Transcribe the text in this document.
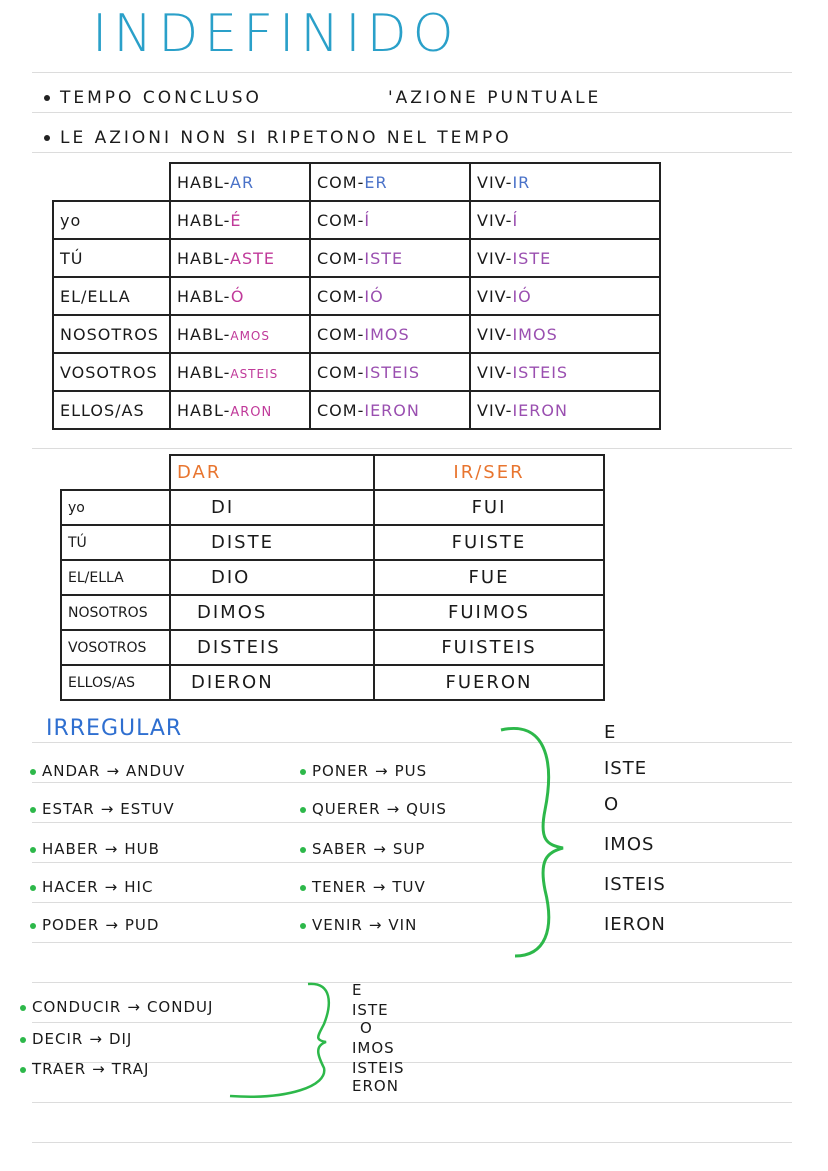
INDEFINIDO
TEMPO CONCLUSO	'AZIONE PUNTUALE
LE AZIONI NON SI RIPETONO NEL TEMPO
	HABL-AR	COM-ER	VIV-IR
yo	HABL-É	COM-Í	VIV-Í
TÚ	HABL-ASTE	COM-ISTE	VIV-ISTE
EL/ELLA	HABL-Ó	COM-IÓ	VIV-IÓ
NOSOTROS	HABL-AMOS	COM-IMOS	VIV-IMOS
VOSOTROS	HABL-ASTEIS	COM-ISTEIS	VIV-ISTEIS
ELLOS/AS	HABL-ARON	COM-IERON	VIV-IERON
	DAR	IR/SER
yo	DI	FUI
TÚ	DISTE	FUISTE
EL/ELLA	DIO	FUE
NOSOTROS	DIMOS	FUIMOS
VOSOTROS	DISTEIS	FUISTEIS
ELLOS/AS	DIERON	FUERON
IRREGULAR
ANDAR → ANDUV
ESTAR → ESTUV
HABER → HUB
HACER → HIC
PODER → PUD
PONER → PUS
QUERER → QUIS
SABER → SUP
TENER → TUV
VENIR → VIN
E
ISTE
O
IMOS
ISTEIS
IERON
CONDUCIR → CONDUJ
DECIR → DIJ
TRAER → TRAJ
E
ISTE
O
IMOS
ISTEIS
ERON
